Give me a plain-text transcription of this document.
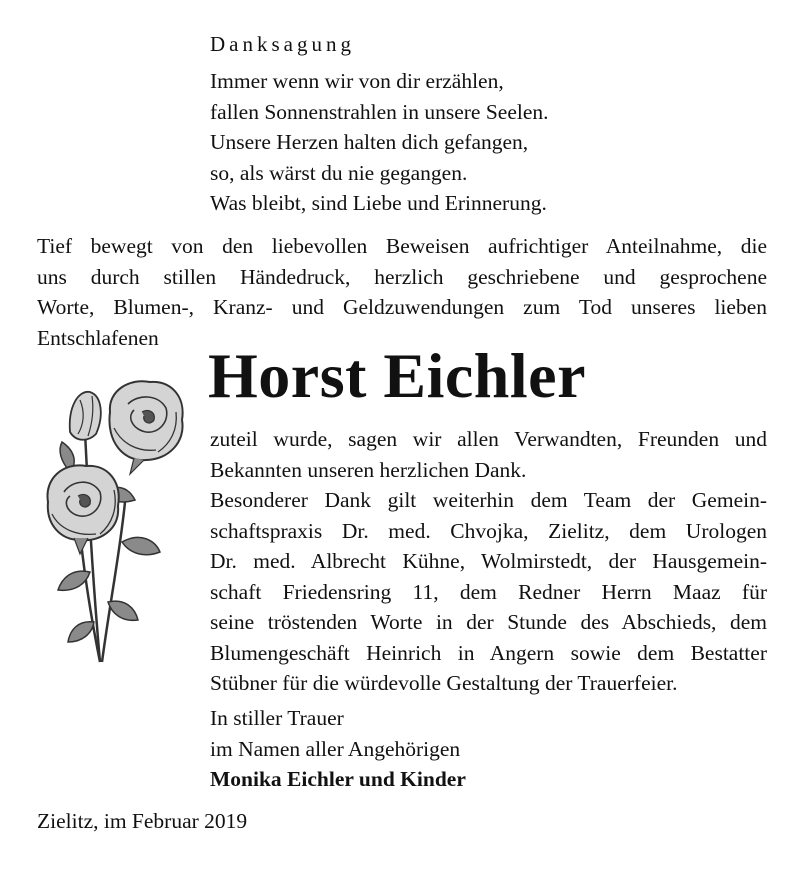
Danksagung
Immer wenn wir von dir erzählen,
fallen Sonnenstrahlen in unsere Seelen.
Unsere Herzen halten dich gefangen,
so, als wärst du nie gegangen.
Was bleibt, sind Liebe und Erinnerung.
Tief bewegt von den liebevollen Beweisen aufrichtiger Anteilnahme, die
uns durch stillen Händedruck, herzlich geschriebene und gesprochene
Worte, Blumen-, Kranz- und Geldzuwendungen zum Tod unseres lieben
Entschlafenen
Horst Eichler
zuteil wurde, sagen wir allen Verwandten, Freunden und
Bekannten unseren herzlichen Dank.
Besonderer Dank gilt weiterhin dem Team der Gemein-
schaftspraxis Dr. med. Chvojka, Zielitz, dem Urologen
Dr. med. Albrecht Kühne, Wolmirstedt, der Hausgemein-
schaft Friedensring 11, dem Redner Herrn Maaz für
seine tröstenden Worte in der Stunde des Abschieds, dem
Blumengeschäft Heinrich in Angern sowie dem Bestatter
Stübner für die würdevolle Gestaltung der Trauerfeier.
In stiller Trauer
im Namen aller Angehörigen
Monika Eichler und Kinder
Zielitz, im Februar 2019
